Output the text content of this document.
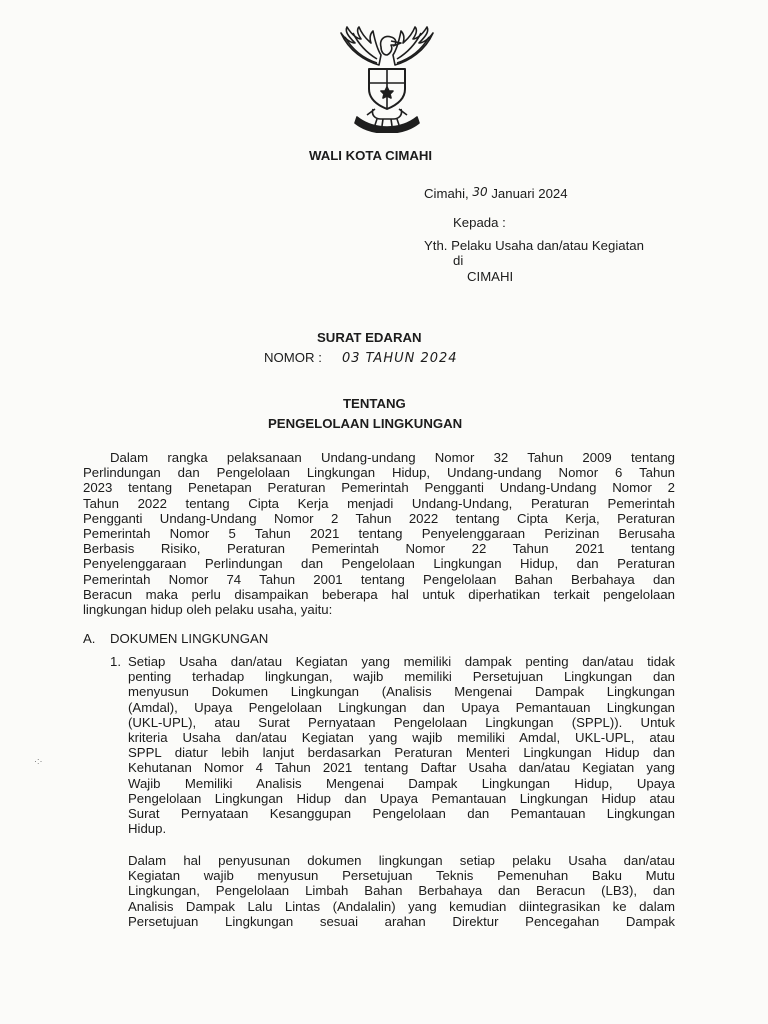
WALI KOTA CIMAHI
Cimahi, 30 Januari 2024
Kepada :
Yth. Pelaku Usaha dan/atau Kegiatan
di
CIMAHI
SURAT EDARAN
NOMOR : 03 TAHUN 2024
TENTANG
PENGELOLAAN LINGKUNGAN
Dalam rangka pelaksanaan Undang-undang Nomor 32 Tahun 2009 tentang
Perlindungan dan Pengelolaan Lingkungan Hidup, Undang-undang Nomor 6 Tahun
2023 tentang Penetapan Peraturan Pemerintah Pengganti Undang-Undang Nomor 2
Tahun 2022 tentang Cipta Kerja menjadi Undang-Undang, Peraturan Pemerintah
Pengganti Undang-Undang Nomor 2 Tahun 2022 tentang Cipta Kerja, Peraturan
Pemerintah Nomor 5 Tahun 2021 tentang Penyelenggaraan Perizinan Berusaha
Berbasis Risiko, Peraturan Pemerintah Nomor 22 Tahun 2021 tentang
Penyelenggaraan Perlindungan dan Pengelolaan Lingkungan Hidup, dan Peraturan
Pemerintah Nomor 74 Tahun 2001 tentang Pengelolaan Bahan Berbahaya dan
Beracun maka perlu disampaikan beberapa hal untuk diperhatikan terkait pengelolaan
lingkungan hidup oleh pelaku usaha, yaitu:
A. DOKUMEN LINGKUNGAN
1. Setiap Usaha dan/atau Kegiatan yang memiliki dampak penting dan/atau tidak
penting terhadap lingkungan, wajib memiliki Persetujuan Lingkungan dan
menyusun Dokumen Lingkungan (Analisis Mengenai Dampak Lingkungan
(Amdal), Upaya Pengelolaan Lingkungan dan Upaya Pemantauan Lingkungan
(UKL-UPL), atau Surat Pernyataan Pengelolaan Lingkungan (SPPL)). Untuk
kriteria Usaha dan/atau Kegiatan yang wajib memiliki Amdal, UKL-UPL, atau
SPPL diatur lebih lanjut berdasarkan Peraturan Menteri Lingkungan Hidup dan
Kehutanan Nomor 4 Tahun 2021 tentang Daftar Usaha dan/atau Kegiatan yang
Wajib Memiliki Analisis Mengenai Dampak Lingkungan Hidup, Upaya
Pengelolaan Lingkungan Hidup dan Upaya Pemantauan Lingkungan Hidup atau
Surat Pernyataan Kesanggupan Pengelolaan dan Pemantauan Lingkungan
Hidup.
Dalam hal penyusunan dokumen lingkungan setiap pelaku Usaha dan/atau
Kegiatan wajib menyusun Persetujuan Teknis Pemenuhan Baku Mutu
Lingkungan, Pengelolaan Limbah Bahan Berbahaya dan Beracun (LB3), dan
Analisis Dampak Lalu Lintas (Andalalin) yang kemudian diintegrasikan ke dalam
Persetujuan Lingkungan sesuai arahan Direktur Pencegahan Dampak
·:·
